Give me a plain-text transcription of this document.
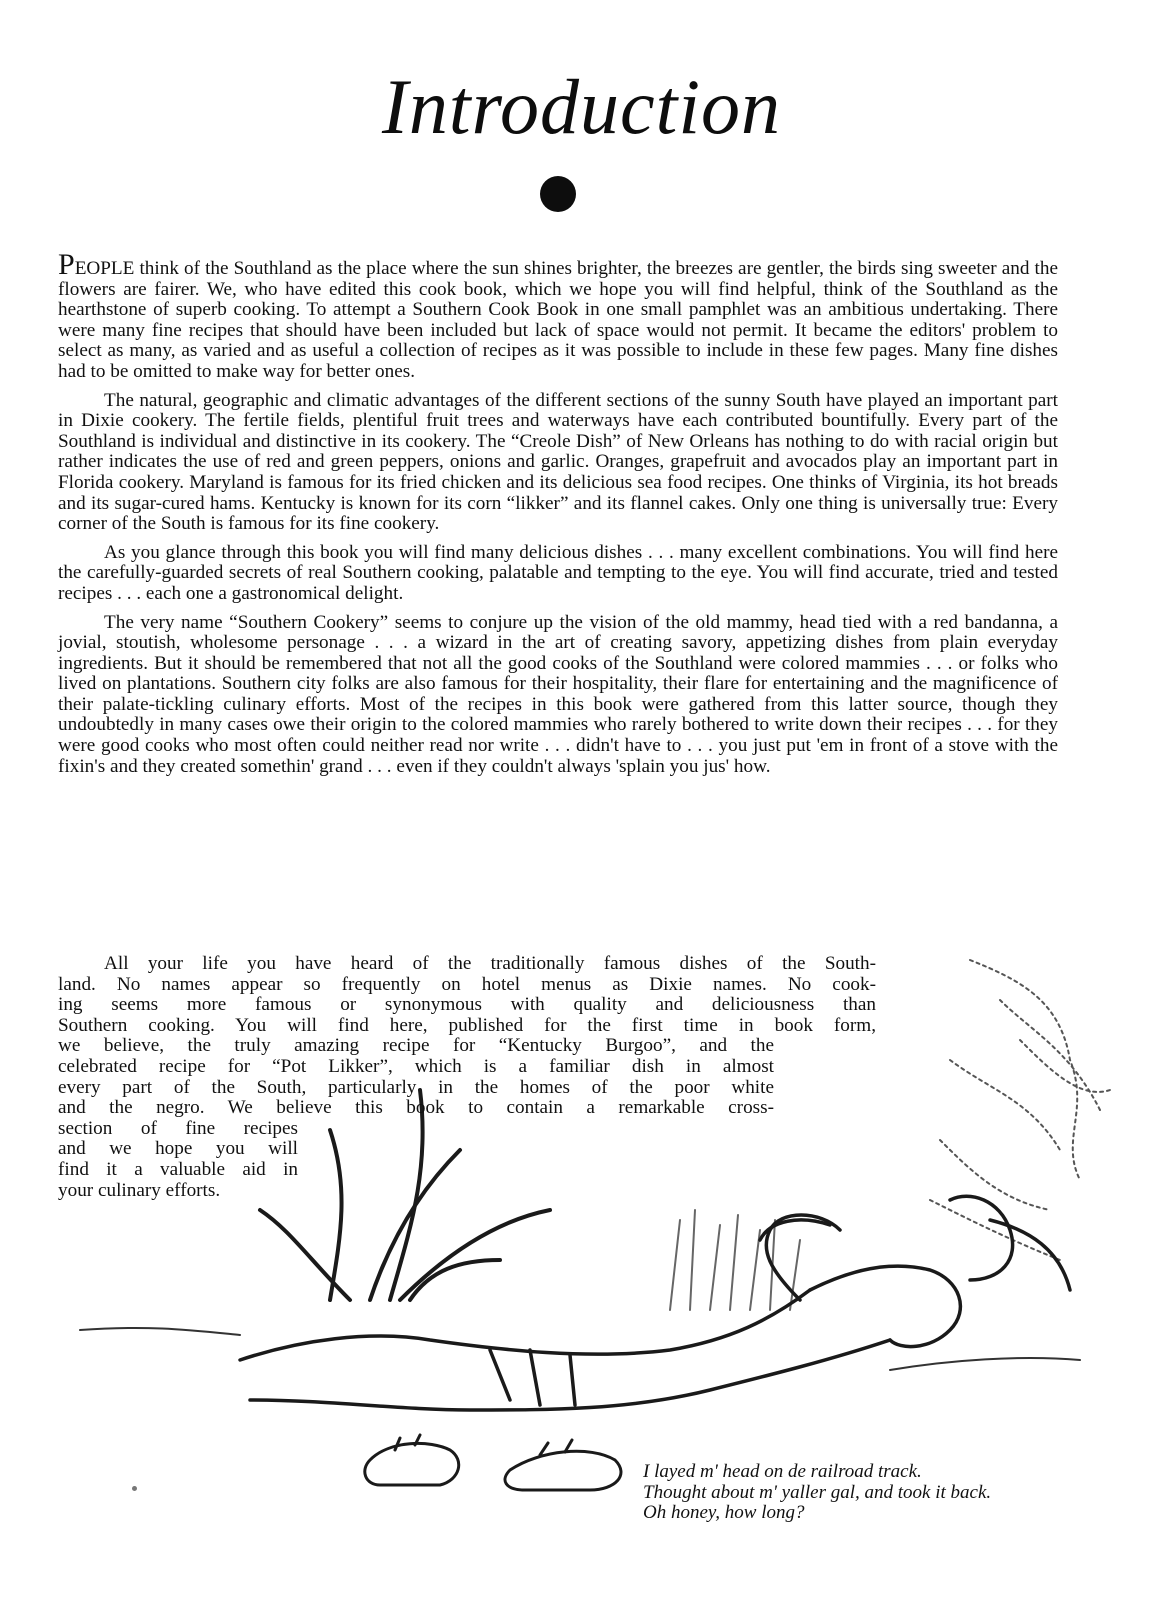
Introduction

PEOPLE think of the Southland as the place where the sun shines brighter, the breezes are gentler, the birds sing sweeter and the flowers are fairer. We, who have edited this cook book, which we hope you will find helpful, think of the Southland as the hearthstone of superb cooking. To attempt a Southern Cook Book in one small pamphlet was an ambitious undertaking. There were many fine recipes that should have been included but lack of space would not permit. It became the editors' problem to select as many, as varied and as useful a collection of recipes as it was possible to include in these few pages. Many fine dishes had to be omitted to make way for better ones.

The natural, geographic and climatic advantages of the different sections of the sunny South have played an important part in Dixie cookery. The fertile fields, plentiful fruit trees and waterways have each contributed bountifully. Every part of the Southland is individual and distinctive in its cookery. The “Creole Dish” of New Orleans has nothing to do with racial origin but rather indicates the use of red and green peppers, onions and garlic. Oranges, grapefruit and avocados play an important part in Florida cookery. Maryland is famous for its fried chicken and its delicious sea food recipes. One thinks of Virginia, its hot breads and its sugar-cured hams. Kentucky is known for its corn “likker” and its flannel cakes. Only one thing is universally true: Every corner of the South is famous for its fine cookery.

As you glance through this book you will find many delicious dishes . . . many excellent combinations. You will find here the carefully-guarded secrets of real Southern cooking, palatable and tempting to the eye. You will find accurate, tried and tested recipes . . . each one a gastronomical delight.

The very name “Southern Cookery” seems to conjure up the vision of the old mammy, head tied with a red bandanna, a jovial, stoutish, wholesome personage . . . a wizard in the art of creating savory, appetizing dishes from plain everyday ingredients. But it should be remembered that not all the good cooks of the Southland were colored mammies . . . or folks who lived on plantations. Southern city folks are also famous for their hospitality, their flare for entertaining and the magnificence of their palate-tickling culinary efforts. Most of the recipes in this book were gathered from this latter source, though they undoubtedly in many cases owe their origin to the colored mammies who rarely bothered to write down their recipes . . . for they were good cooks who most often could neither read nor write . . . didn't have to . . . you just put 'em in front of a stove with the fixin's and they created somethin' grand . . . even if they couldn't always 'splain you jus' how.

All your life you have heard of the traditionally famous dishes of the South-
land. No names appear so frequently on hotel menus as Dixie names. No cook-
ing seems more famous or synonymous with quality and deliciousness than
Southern cooking. You will find here, published for the first time in book form,
we believe, the truly amazing recipe for “Kentucky Burgoo”, and the
celebrated recipe for “Pot Likker”, which is a familiar dish in almost
every part of the South, particularly in the homes of the poor white
and the negro. We believe this book to contain a remarkable cross-
section of fine recipes
and we hope you will
find it a valuable aid in
your culinary efforts.
I layed m' head on de railroad track.
Thought about m' yaller gal, and took it back.
Oh honey, how long?
